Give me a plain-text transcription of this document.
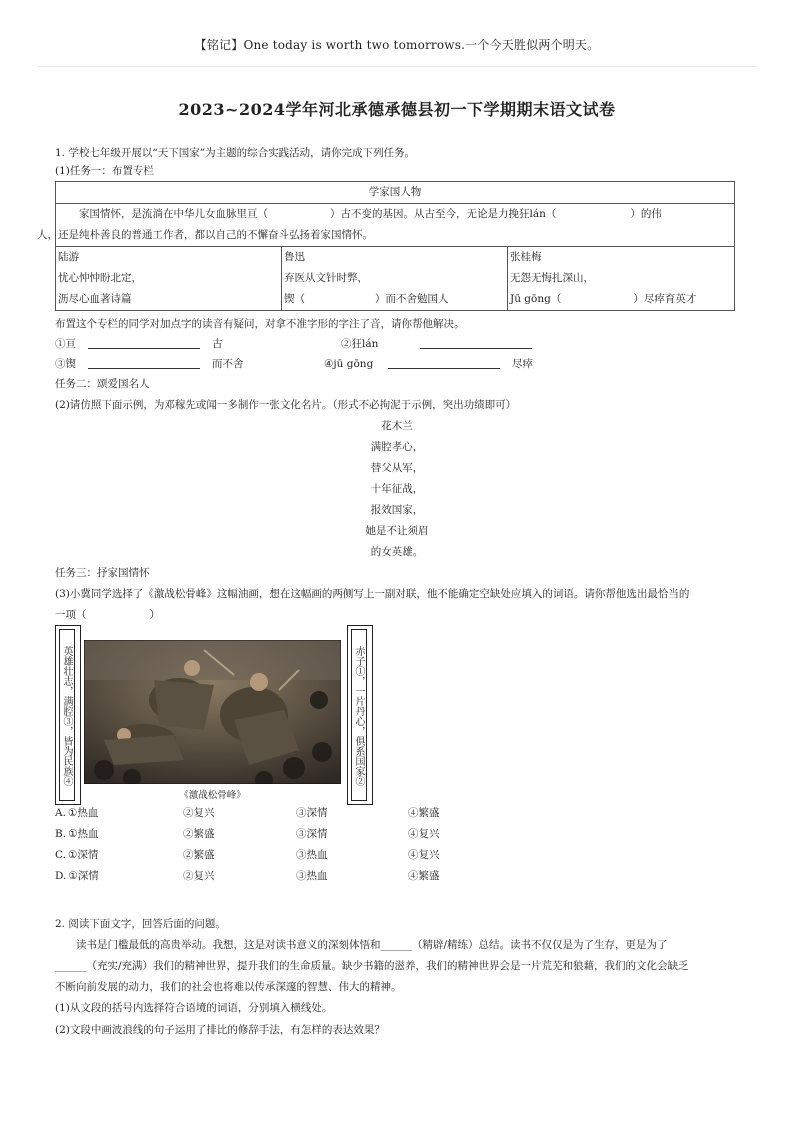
【铭记】One today is worth two tomorrows.一个今天胜似两个明天。
2023~2024学年河北承德承德县初一下学期期末语文试卷
1. 学校七年级开展以“天下国家”为主题的综合实践活动，请你完成下列任务。
(1)任务一：布置专栏
学家国人物
家国情怀，是流淌在中华儿女血脉里亘（	）古不变的基因。从古至今，无论是力挽狂lán（	）的伟
人，还是纯朴善良的普通工作者，都以自己的不懈奋斗弘扬着家国情怀。

陆游
忧心忡忡盼北定，
沥尽心血著诗篇

鲁迅
弃医从文针时弊，
锲（	）而不舍勉国人

张桂梅
无怨无悔扎深山，
Jū gōng（	）尽瘁育英才
布置这个专栏的同学对加点字的读音有疑问，对拿不准字形的字注了音，请你帮他解决。
①亘	古	②狂lán
③锲	而不舍	④jū gōng	尽瘁
任务二：颂爱国名人
(2)请仿照下面示例，为邓稼先或闻一多制作一张文化名片。（形式不必拘泥于示例，突出功绩即可）
花木兰
满腔孝心，
替父从军，
十年征战，
报效国家，
她是不让须眉
的女英雄。
任务三：抒家国情怀
(3)小冀同学选择了《激战松骨峰》这幅油画，想在这幅画的两侧写上一副对联，他不能确定空缺处应填入的词语。请你帮他选出最恰当的
一项（　　　　　　）
英雄壮志，满腔③，皆为民族④
《激战松骨峰》
赤子①，一片丹心，俱系国家②
A. ①热血	②复兴	③深情	④繁盛
B. ①热血	②繁盛	③深情	④复兴
C. ①深情	②繁盛	③热血	④复兴
D. ①深情	②复兴	③热血	④繁盛
2. 阅读下面文字，回答后面的问题。
读书是门槛最低的高贵举动。我想，这是对读书意义的深刻体悟和______（精辟/精练）总结。读书不仅仅是为了生存，更是为了
______（充实/充满）我们的精神世界，提升我们的生命质量。缺少书籍的滋养，我们的精神世界会是一片荒芜和狼藉，我们的文化会缺乏
不断向前发展的动力，我们的社会也将难以传承深邃的智慧、伟大的精神。
(1)从文段的括号内选择符合语境的词语，分别填入横线处。
(2)文段中画波浪线的句子运用了排比的修辞手法，有怎样的表达效果？
